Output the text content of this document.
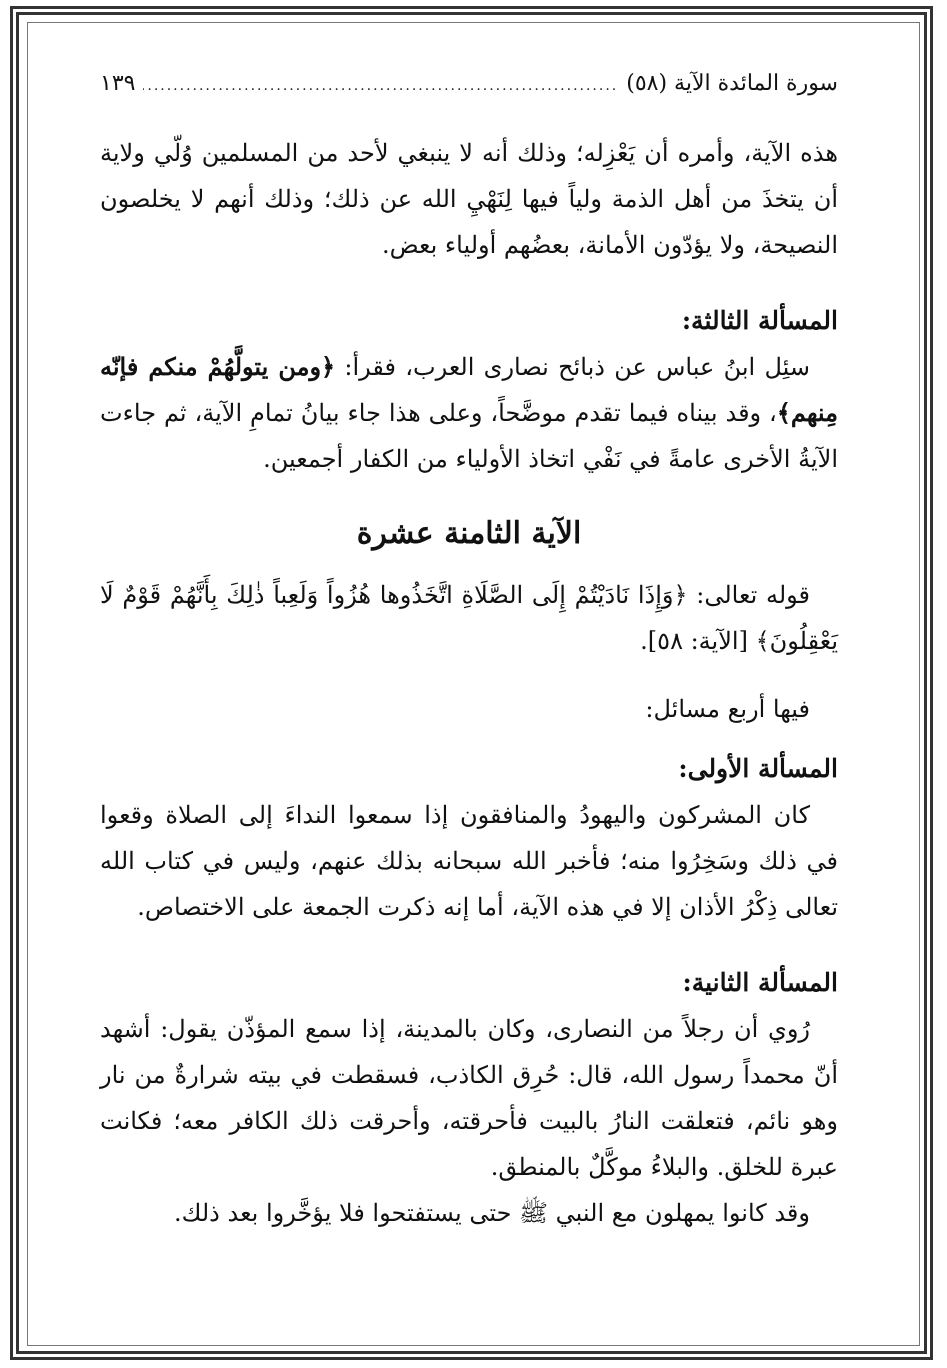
سورة المائدة الآية (٥٨)
.....
١٣٩

هذه الآية، وأمره أن يَعْزِله؛ وذلك أنه لا ينبغي لأحد من المسلمين وُلّي ولاية أن يتخذَ من أهل الذمة ولياً فيها لِنَهْيِ الله عن ذلك؛ وذلك أنهم لا يخلصون النصيحة، ولا يؤدّون الأمانة، بعضُهم أولياء بعض.

المسألة الثالثة:

سئِل ابنُ عباس عن ذبائح نصارى العرب، فقرأ: ﴿ومن يتولَّهُمْ منكم فإنّه مِنهم﴾، وقد بيناه فيما تقدم موضَّحاً، وعلى هذا جاء بيانُ تمامِ الآية، ثم جاءت الآيةُ الأخرى عامةً في نَفْي اتخاذ الأولياء من الكفار أجمعين.

الآية الثامنة عشرة

قوله تعالى: ﴿وَإِذَا نَادَيْتُمْ إِلَى الصَّلَاةِ اتَّخَذُوها هُزُواً وَلَعِباً ذٰلِكَ بِأَنَّهُمْ قَوْمٌ لَا يَعْقِلُونَ﴾ [الآية: ٥٨].

فيها أربع مسائل:

المسألة الأولى:

كان المشركون واليهودُ والمنافقون إذا سمعوا النداءَ إلى الصلاة وقعوا في ذلك وسَخِرُوا منه؛ فأخبر الله سبحانه بذلك عنهم، وليس في كتاب الله تعالى ذِكْرُ الأذان إلا في هذه الآية، أما إنه ذكرت الجمعة على الاختصاص.

المسألة الثانية:

رُوي أن رجلاً من النصارى، وكان بالمدينة، إذا سمع المؤذّن يقول: أشهد أنّ محمداً رسول الله، قال: حُرِق الكاذب، فسقطت في بيته شرارةٌ من نار وهو نائم، فتعلقت النارُ بالبيت فأحرقته، وأحرقت ذلك الكافر معه؛ فكانت عبرة للخلق. والبلاءُ موكَّلٌ بالمنطق.

وقد كانوا يمهلون مع النبي ﷺ حتى يستفتحوا فلا يؤخَّروا بعد ذلك.
